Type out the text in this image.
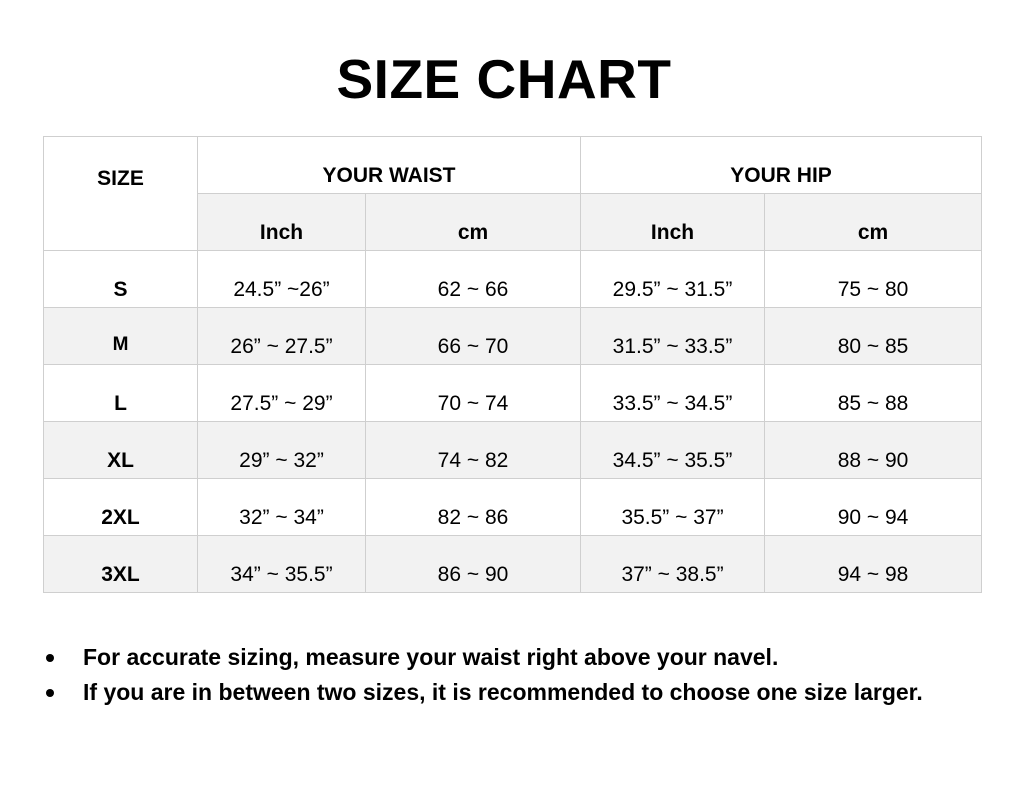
SIZE CHART
SIZE	YOUR WAIST		YOUR HIP	
	Inch	cm	Inch	cm
S	24.5” ~26”	62 ~ 66	29.5” ~ 31.5”	75 ~ 80
M	26” ~ 27.5”	66 ~ 70	31.5” ~ 33.5”	80 ~ 85
L	27.5” ~ 29”	70 ~ 74	33.5” ~ 34.5”	85 ~ 88
XL	29” ~ 32”	74 ~ 82	34.5” ~ 35.5”	88 ~ 90
2XL	32” ~ 34”	82 ~ 86	35.5” ~ 37”	90 ~ 94
3XL	34” ~ 35.5”	86 ~ 90	37” ~ 38.5”	94 ~ 98
For accurate sizing, measure your waist right above your navel.
If you are in between two sizes, it is recommended to choose one size larger.
